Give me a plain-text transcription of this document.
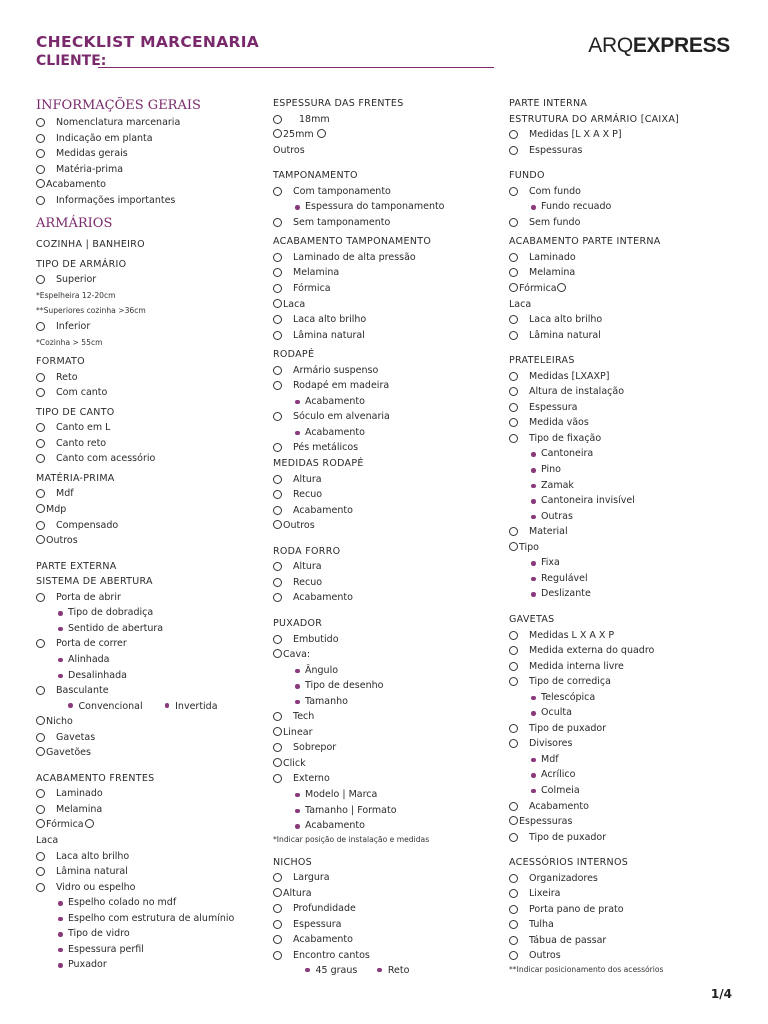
CHECKLIST MARCENARIA
CLIENTE:
ARQEXPRESS
INFORMAÇÕES GERAIS
Nomenclatura marcenaria
Indicação em planta
Medidas gerais
Matéria-prima
Acabamento
Informações importantes
ARMÁRIOS
COZINHA | BANHEIRO
TIPO DE ARMÁRIO
Superior
*Espelheira 12-20cm
**Superiores cozinha >36cm
Inferior
*Cozinha > 55cm
FORMATO
Reto
Com canto
TIPO DE CANTO
Canto em L
Canto reto
Canto com acessório
MATÉRIA-PRIMA
Mdf
Mdp
Compensado
Outros
PARTE EXTERNA
SISTEMA DE ABERTURA
Porta de abrir
Tipo de dobradiça
Sentido de abertura
Porta de correr
Alinhada
Desalinhada
Basculante
Convencional	Invertida
Nicho
Gavetas
Gavetões
ACABAMENTO FRENTES
Laminado
Melamina
Fórmica
Laca
Laca alto brilho
Lâmina natural
Vidro ou espelho
Espelho colado no mdf
Espelho com estrutura de alumínio
Tipo de vidro
Espessura perfil
Puxador
ESPESSURA DAS FRENTES
18mm
25mm
Outros
TAMPONAMENTO
Com tamponamento
Espessura do tamponamento
Sem tamponamento
ACABAMENTO TAMPONAMENTO
Laminado de alta pressão
Melamina
Fórmica
Laca
Laca alto brilho
Lâmina natural
RODAPÉ
Armário suspenso
Rodapé em madeira
Acabamento
Sóculo em alvenaria
Acabamento
Pés metálicos
MEDIDAS RODAPÉ
Altura
Recuo
Acabamento
Outros
RODA FORRO
Altura
Recuo
Acabamento
PUXADOR
Embutido
Cava:
Ângulo
Tipo de desenho
Tamanho
Tech
Linear
Sobrepor
Click
Externo
Modelo | Marca
Tamanho | Formato
Acabamento
*Indicar posição de instalação e medidas
NICHOS
Largura
Altura
Profundidade
Espessura
Acabamento
Encontro cantos
45 graus	Reto
PARTE INTERNA
ESTRUTURA DO ARMÁRIO [CAIXA]
Medidas [L X A X P]
Espessuras
FUNDO
Com fundo
Fundo recuado
Sem fundo
ACABAMENTO PARTE INTERNA
Laminado
Melamina
Fórmica
Laca
Laca alto brilho
Lâmina natural
PRATELEIRAS
Medidas [LXAXP]
Altura de instalação
Espessura
Medida vãos
Tipo de fixação
Cantoneira
Pino
Zamak
Cantoneira invisível
Outras
Material
Tipo
Fixa
Regulável
Deslizante
GAVETAS
Medidas L X A X P
Medida externa do quadro
Medida interna livre
Tipo de corrediça
Telescópica
Oculta
Tipo de puxador
Divisores
Mdf
Acrílico
Colmeia
Acabamento
Espessuras
Tipo de puxador
ACESSÓRIOS INTERNOS
Organizadores
Lixeira
Porta pano de prato
Tulha
Tábua de passar
Outros
**Indicar posicionamento dos acessórios
1/4
